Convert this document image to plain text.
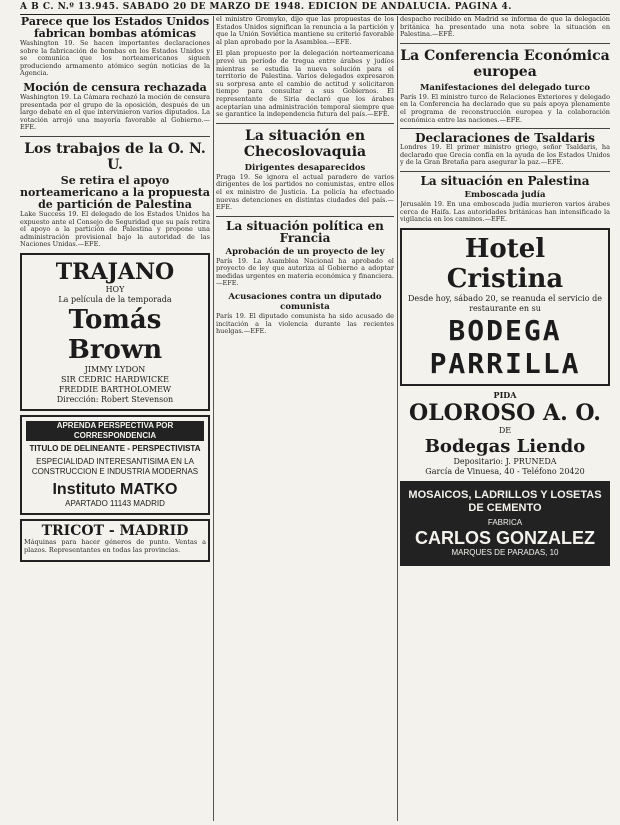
A B C. N.º 13.945. SABADO 20 DE MARZO DE 1948. EDICION DE ANDALUCIA. PAGINA 4.
Parece que los Estados Unidos fabrican bombas atómicas

Washington 19. Se hacen importantes declaraciones sobre la fabricación de bombas en los Estados Unidos y se comunica que los norteamericanos siguen produciendo armamento atómico según noticias de la Agencia.

Moción de censura rechazada

Washington 19. La Cámara rechazó la moción de censura presentada por el grupo de la oposición, después de un largo debate en el que intervinieron varios diputados. La votación arrojó una mayoría favorable al Gobierno.—EFE.

Los trabajos de la O. N. U.
Se retira el apoyo norteamericano a la propuesta de partición de Palestina

Lake Success 19. El delegado de los Estados Unidos ha expuesto ante el Consejo de Seguridad que su país retira el apoyo a la partición de Palestina y propone una administración provisional bajo la autoridad de las Naciones Unidas.—EFE.

TRAJANO
HOY
La película de la temporada
Tomás Brown
JIMMY LYDON
SIR CEDRIC HARDWICKE
FREDDIE BARTHOLOMEW
Dirección: Robert Stevenson
APRENDA PERSPECTIVA POR CORRESPONDENCIA
TITULO DE DELINEANTE - PERSPECTIVISTA
ESPECIALIDAD INTERESANTISIMA EN LA CONSTRUCCION E INDUSTRIA MODERNAS
Instituto MATKO
APARTADO 11143 MADRID
TRICOT - MADRID
Máquinas para hacer géneros de punto. Ventas a plazos. Representantes en todas las provincias.

el ministro Gromyko, dijo que las propuestas de los Estados Unidos significan la renuncia a la partición y que la Unión Soviética mantiene su criterio favorable al plan aprobado por la Asamblea.—EFE.

El plan propuesto por la delegación norteamericana prevé un período de tregua entre árabes y judíos mientras se estudia la nueva solución para el territorio de Palestina. Varios delegados expresaron su sorpresa ante el cambio de actitud y solicitaron tiempo para consultar a sus Gobiernos. El representante de Siria declaró que los árabes aceptarían una administración temporal siempre que se garantice la independencia futura del país.—EFE.

La situación en Checoslovaquia
Dirigentes desaparecidos

Praga 19. Se ignora el actual paradero de varios dirigentes de los partidos no comunistas, entre ellos el ex ministro de Justicia. La policía ha efectuado nuevas detenciones en distintas ciudades del país.—EFE.

La situación política en Francia
Aprobación de un proyecto de ley

París 19. La Asamblea Nacional ha aprobado el proyecto de ley que autoriza al Gobierno a adoptar medidas urgentes en materia económica y financiera.—EFE.

Acusaciones contra un diputado comunista

París 19. El diputado comunista ha sido acusado de incitación a la violencia durante las recientes huelgas.—EFE.

despacho recibido en Madrid se informa de que la delegación británica ha presentado una nota sobre la situación en Palestina.—EFE.

La Conferencia Económica europea
Manifestaciones del delegado turco

París 19. El ministro turco de Relaciones Exteriores y delegado en la Conferencia ha declarado que su país apoya plenamente el programa de reconstrucción europea y la colaboración económica entre las naciones.—EFE.

Declaraciones de Tsaldaris

Londres 19. El primer ministro griego, señor Tsaldaris, ha declarado que Grecia confía en la ayuda de los Estados Unidos y de la Gran Bretaña para asegurar la paz.—EFE.

La situación en Palestina
Emboscada judía

Jerusalén 19. En una emboscada judía murieron varios árabes cerca de Haifa. Las autoridades británicas han intensificado la vigilancia en los caminos.—EFE.

Hotel Cristina
Desde hoy, sábado 20, se reanuda el servicio de restaurante en su
BODEGA PARRILLA
PIDA
OLOROSO A. O.
DE
Bodegas Liendo
Depositario: J. PRUNEDA
García de Vinuesa, 40 - Teléfono 20420
MOSAICOS, LADRILLOS Y LOSETAS DE CEMENTO
FABRICA
CARLOS GONZALEZ
MARQUES DE PARADAS, 10
